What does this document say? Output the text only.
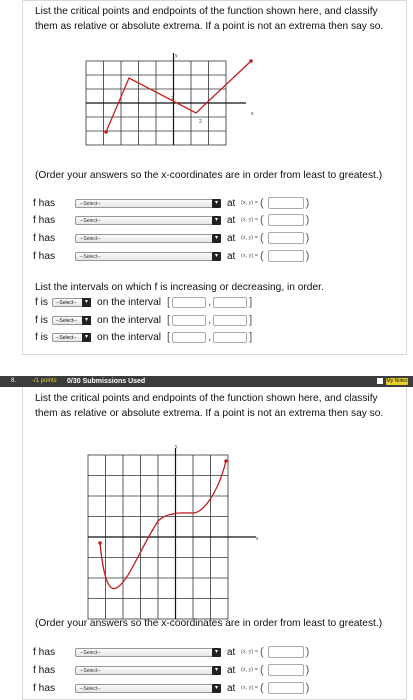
List the critical points and endpoints of the function shown here, and classify them as relative or absolute extrema. If a point is not an extrema then say so.
y
x
2
2
(Order your answers so the x-coordinates are in order from least to greatest.)
f has	--Select--	▾ at	(x, y) = (	)
f has	--Select--	▾ at	(x, y) = (	)
f has	--Select--	▾ at	(x, y) = (	)
f has	--Select--	▾ at	(x, y) = (	)
List the intervals on which f is increasing or decreasing, in order.
f is	--Select--	▾ on the interval [	,	]
f is	--Select--	▾ on the interval [	,	]
f is	--Select--	▾ on the interval [	,	]
8.	-/1 points 0/30 Submissions Used	My Notes
List the critical points and endpoints of the function shown here, and classify them as relative or absolute extrema. If a point is not an extrema then say so.
y
x
(Order your answers so the x-coordinates are in order from least to greatest.)
f has	--Select--	▾ at	(x, y) = (	)
f has	--Select--	▾ at	(x, y) = (	)
f has	--Select--	▾ at	(x, y) = (	)
